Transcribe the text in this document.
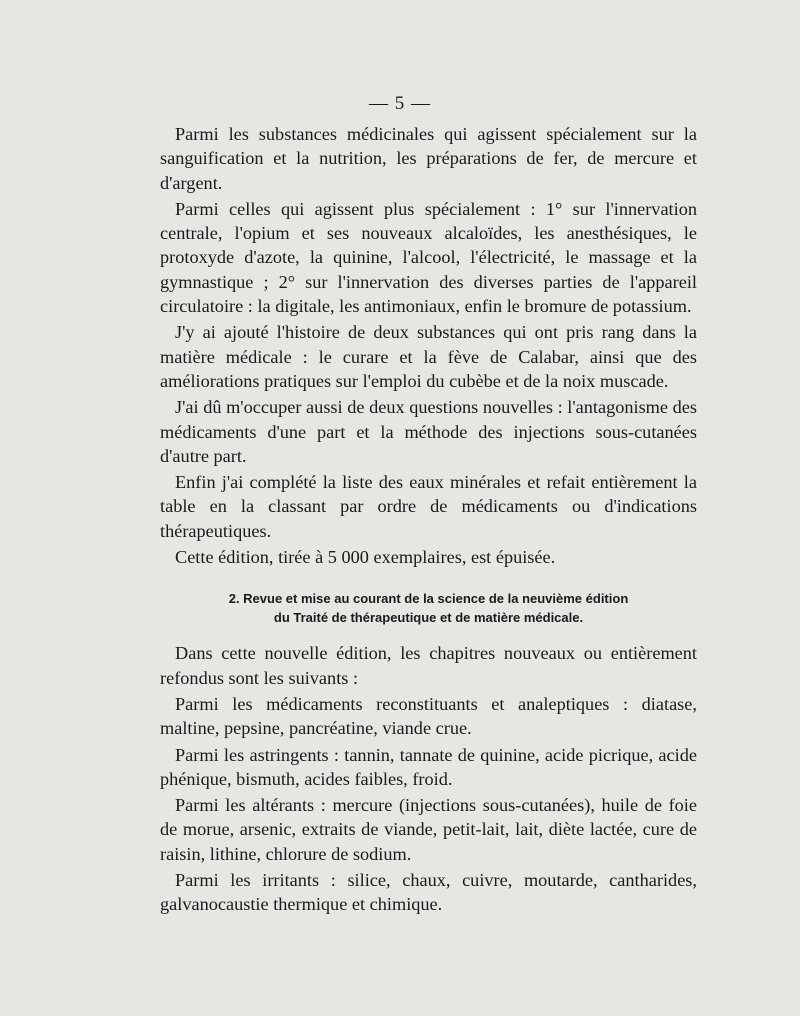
— 5 —

Parmi les substances médicinales qui agissent spécialement sur la sanguification et la nutrition, les préparations de fer, de mercure et d'argent.

Parmi celles qui agissent plus spécialement : 1° sur l'innervation centrale, l'opium et ses nouveaux alcaloïdes, les anesthésiques, le protoxyde d'azote, la quinine, l'alcool, l'électricité, le massage et la gymnastique ; 2° sur l'innervation des diverses parties de l'appareil circulatoire : la digitale, les antimoniaux, enfin le bromure de potassium.

J'y ai ajouté l'histoire de deux substances qui ont pris rang dans la matière médicale : le curare et la fève de Calabar, ainsi que des améliorations pratiques sur l'emploi du cubèbe et de la noix muscade.

J'ai dû m'occuper aussi de deux questions nouvelles : l'antagonisme des médicaments d'une part et la méthode des injections sous-cutanées d'autre part.

Enfin j'ai complété la liste des eaux minérales et refait entièrement la table en la classant par ordre de médicaments ou d'indications thérapeutiques.

Cette édition, tirée à 5 000 exemplaires, est épuisée.

2. Revue et mise au courant de la science de la neuvième édition

du Traité de thérapeutique et de matière médicale.

Dans cette nouvelle édition, les chapitres nouveaux ou entièrement refondus sont les suivants :

Parmi les médicaments reconstituants et analeptiques : diatase, maltine, pepsine, pancréatine, viande crue.

Parmi les astringents : tannin, tannate de quinine, acide picrique, acide phénique, bismuth, acides faibles, froid.

Parmi les altérants : mercure (injections sous-cutanées), huile de foie de morue, arsenic, extraits de viande, petit-lait, lait, diète lactée, cure de raisin, lithine, chlorure de sodium.

Parmi les irritants : silice, chaux, cuivre, moutarde, cantharides, galvanocaustie thermique et chimique.
